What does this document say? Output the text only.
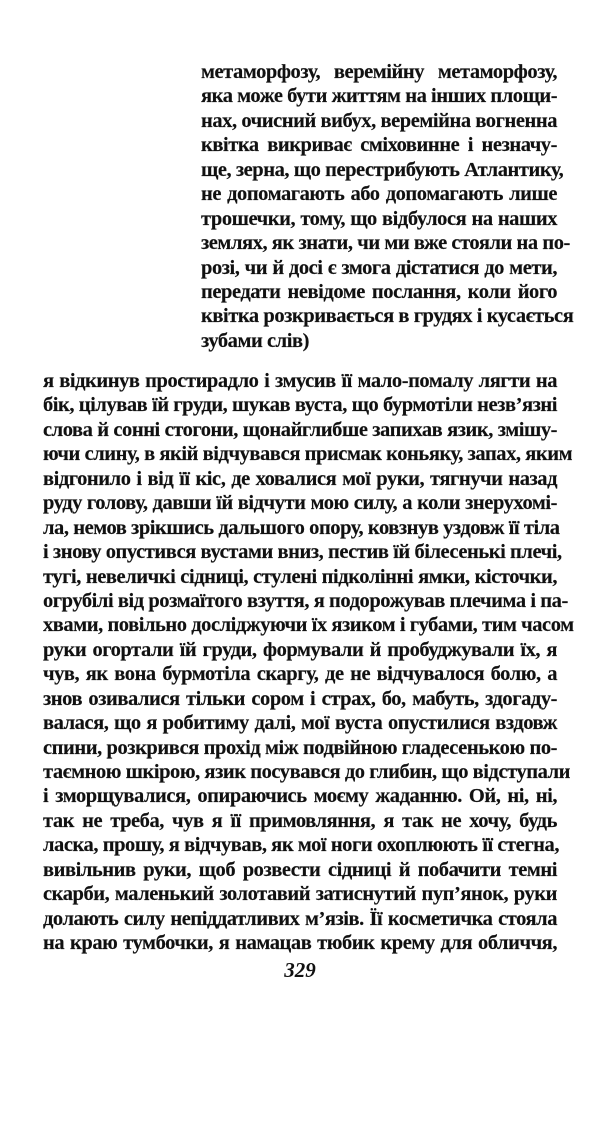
метаморфозу, веремійну метаморфозу,
яка може бути життям на інших площи-
нах, очисний вибух, веремійна вогненна
квітка викриває сміховинне і незначу-
ще, зерна, що перестрибують Атлантику,
не допомагають або допомагають лише
трошечки, тому, що відбулося на наших
землях, як знати, чи ми вже стояли на по-
розі, чи й досі є змога дістатися до мети,
передати невідоме послання, коли його
квітка розкривається в грудях і кусається
зубами слів)
я відкинув простирадло і змусив її мало-помалу лягти на
бік, цілував їй груди, шукав вуста, що бурмотіли незв’язні
слова й сонні стогони, щонайглибше запихав язик, змішу-
ючи слину, в якій відчувався присмак коньяку, запах, яким
відгонило і від її кіс, де ховалися мої руки, тягнучи назад
руду голову, давши їй відчути мою силу, а коли знерухомі-
ла, немов зрікшись дальшого опору, ковзнув уздовж її тіла
і знову опустився вустами вниз, пестив їй білесенькі плечі,
тугі, невеличкі сідниці, стулені підколінні ямки, кісточки,
огрубілі від розмаїтого взуття, я подорожував плечима і па-
хвами, повільно досліджуючи їх язиком і губами, тим часом
руки огортали їй груди, формували й пробуджували їх, я
чув, як вона бурмотіла скаргу, де не відчувалося болю, а
знов озивалися тільки сором і страх, бо, мабуть, здогаду-
валася, що я робитиму далі, мої вуста опустилися вздовж
спини, розкрився прохід між подвійною гладесенькою по-
таємною шкірою, язик посувався до глибин, що відступали
і зморщувалися, опираючись моєму жаданню. Ой, ні, ні,
так не треба, чув я її примовляння, я так не хочу, будь
ласка, прошу, я відчував, як мої ноги охоплюють її стегна,
вивільнив руки, щоб розвести сідниці й побачити темні
скарби, маленький золотавий затиснутий пуп’янок, руки
долають силу непіддатливих м’язів. Її косметичка стояла
на краю тумбочки, я намацав тюбик крему для обличчя,
329
